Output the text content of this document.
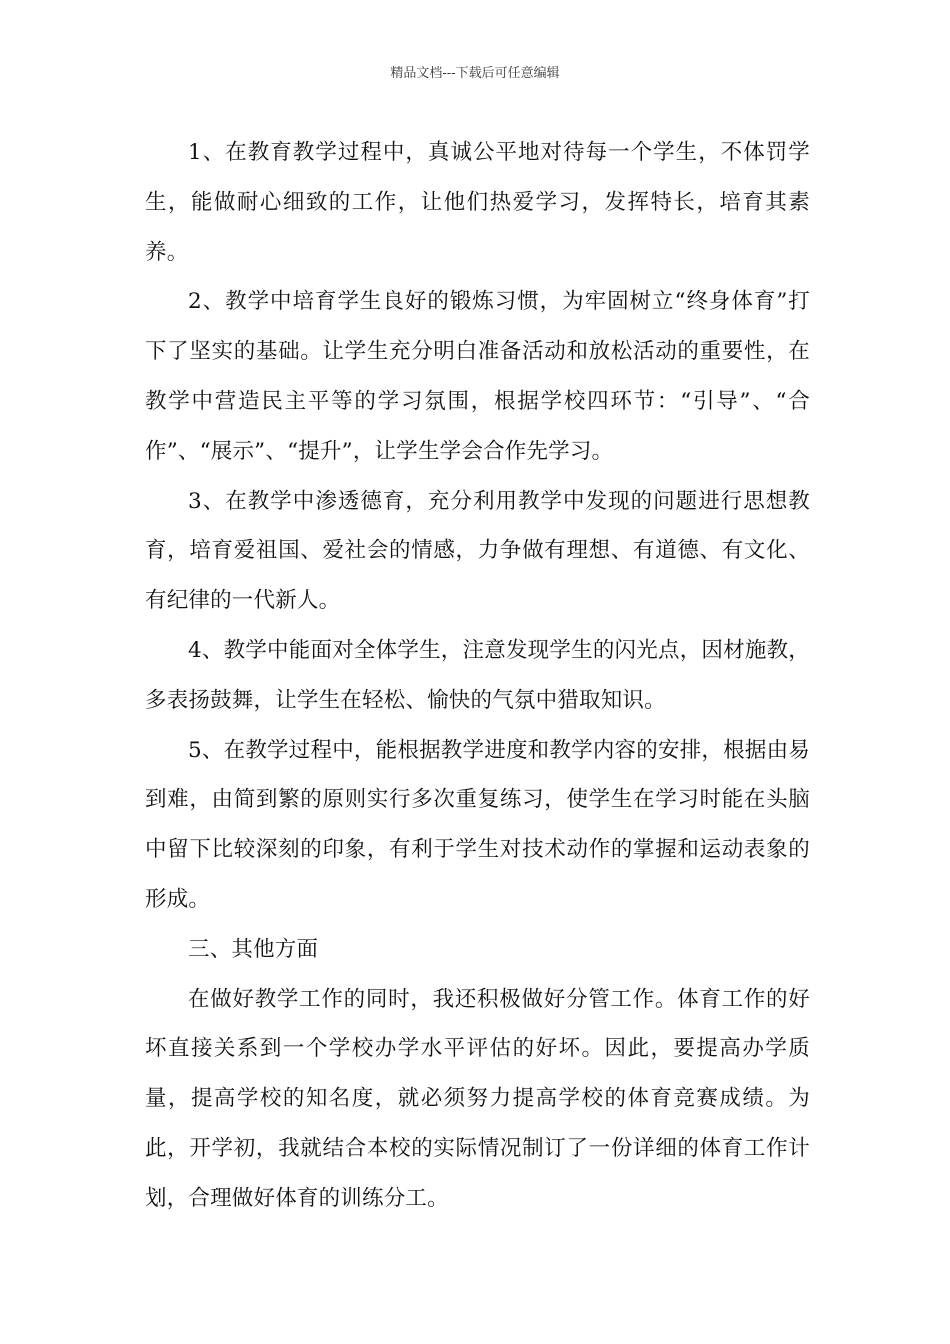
精品文档---下载后可任意编辑

1、在教育教学过程中，真诚公平地对待每一个学生，不体罚学生，能做耐心细致的工作，让他们热爱学习，发挥特长，培育其素养。

2、教学中培育学生良好的锻炼习惯，为牢固树立“终身体育”打下了坚实的基础。让学生充分明白准备活动和放松活动的重要性，在教学中营造民主平等的学习氛围，根据学校四环节：“引导”、“合作”、“展示”、“提升”，让学生学会合作先学习。

3、在教学中渗透德育，充分利用教学中发现的问题进行思想教育，培育爱祖国、爱社会的情感，力争做有理想、有道德、有文化、有纪律的一代新人。

4、教学中能面对全体学生，注意发现学生的闪光点，因材施教，多表扬鼓舞，让学生在轻松、愉快的气氛中猎取知识。

5、在教学过程中，能根据教学进度和教学内容的安排，根据由易到难，由简到繁的原则实行多次重复练习，使学生在学习时能在头脑中留下比较深刻的印象，有利于学生对技术动作的掌握和运动表象的形成。

三、其他方面

在做好教学工作的同时，我还积极做好分管工作。体育工作的好坏直接关系到一个学校办学水平评估的好坏。因此，要提高办学质量，提高学校的知名度，就必须努力提高学校的体育竞赛成绩。为此，开学初，我就结合本校的实际情况制订了一份详细的体育工作计划，合理做好体育的训练分工。
